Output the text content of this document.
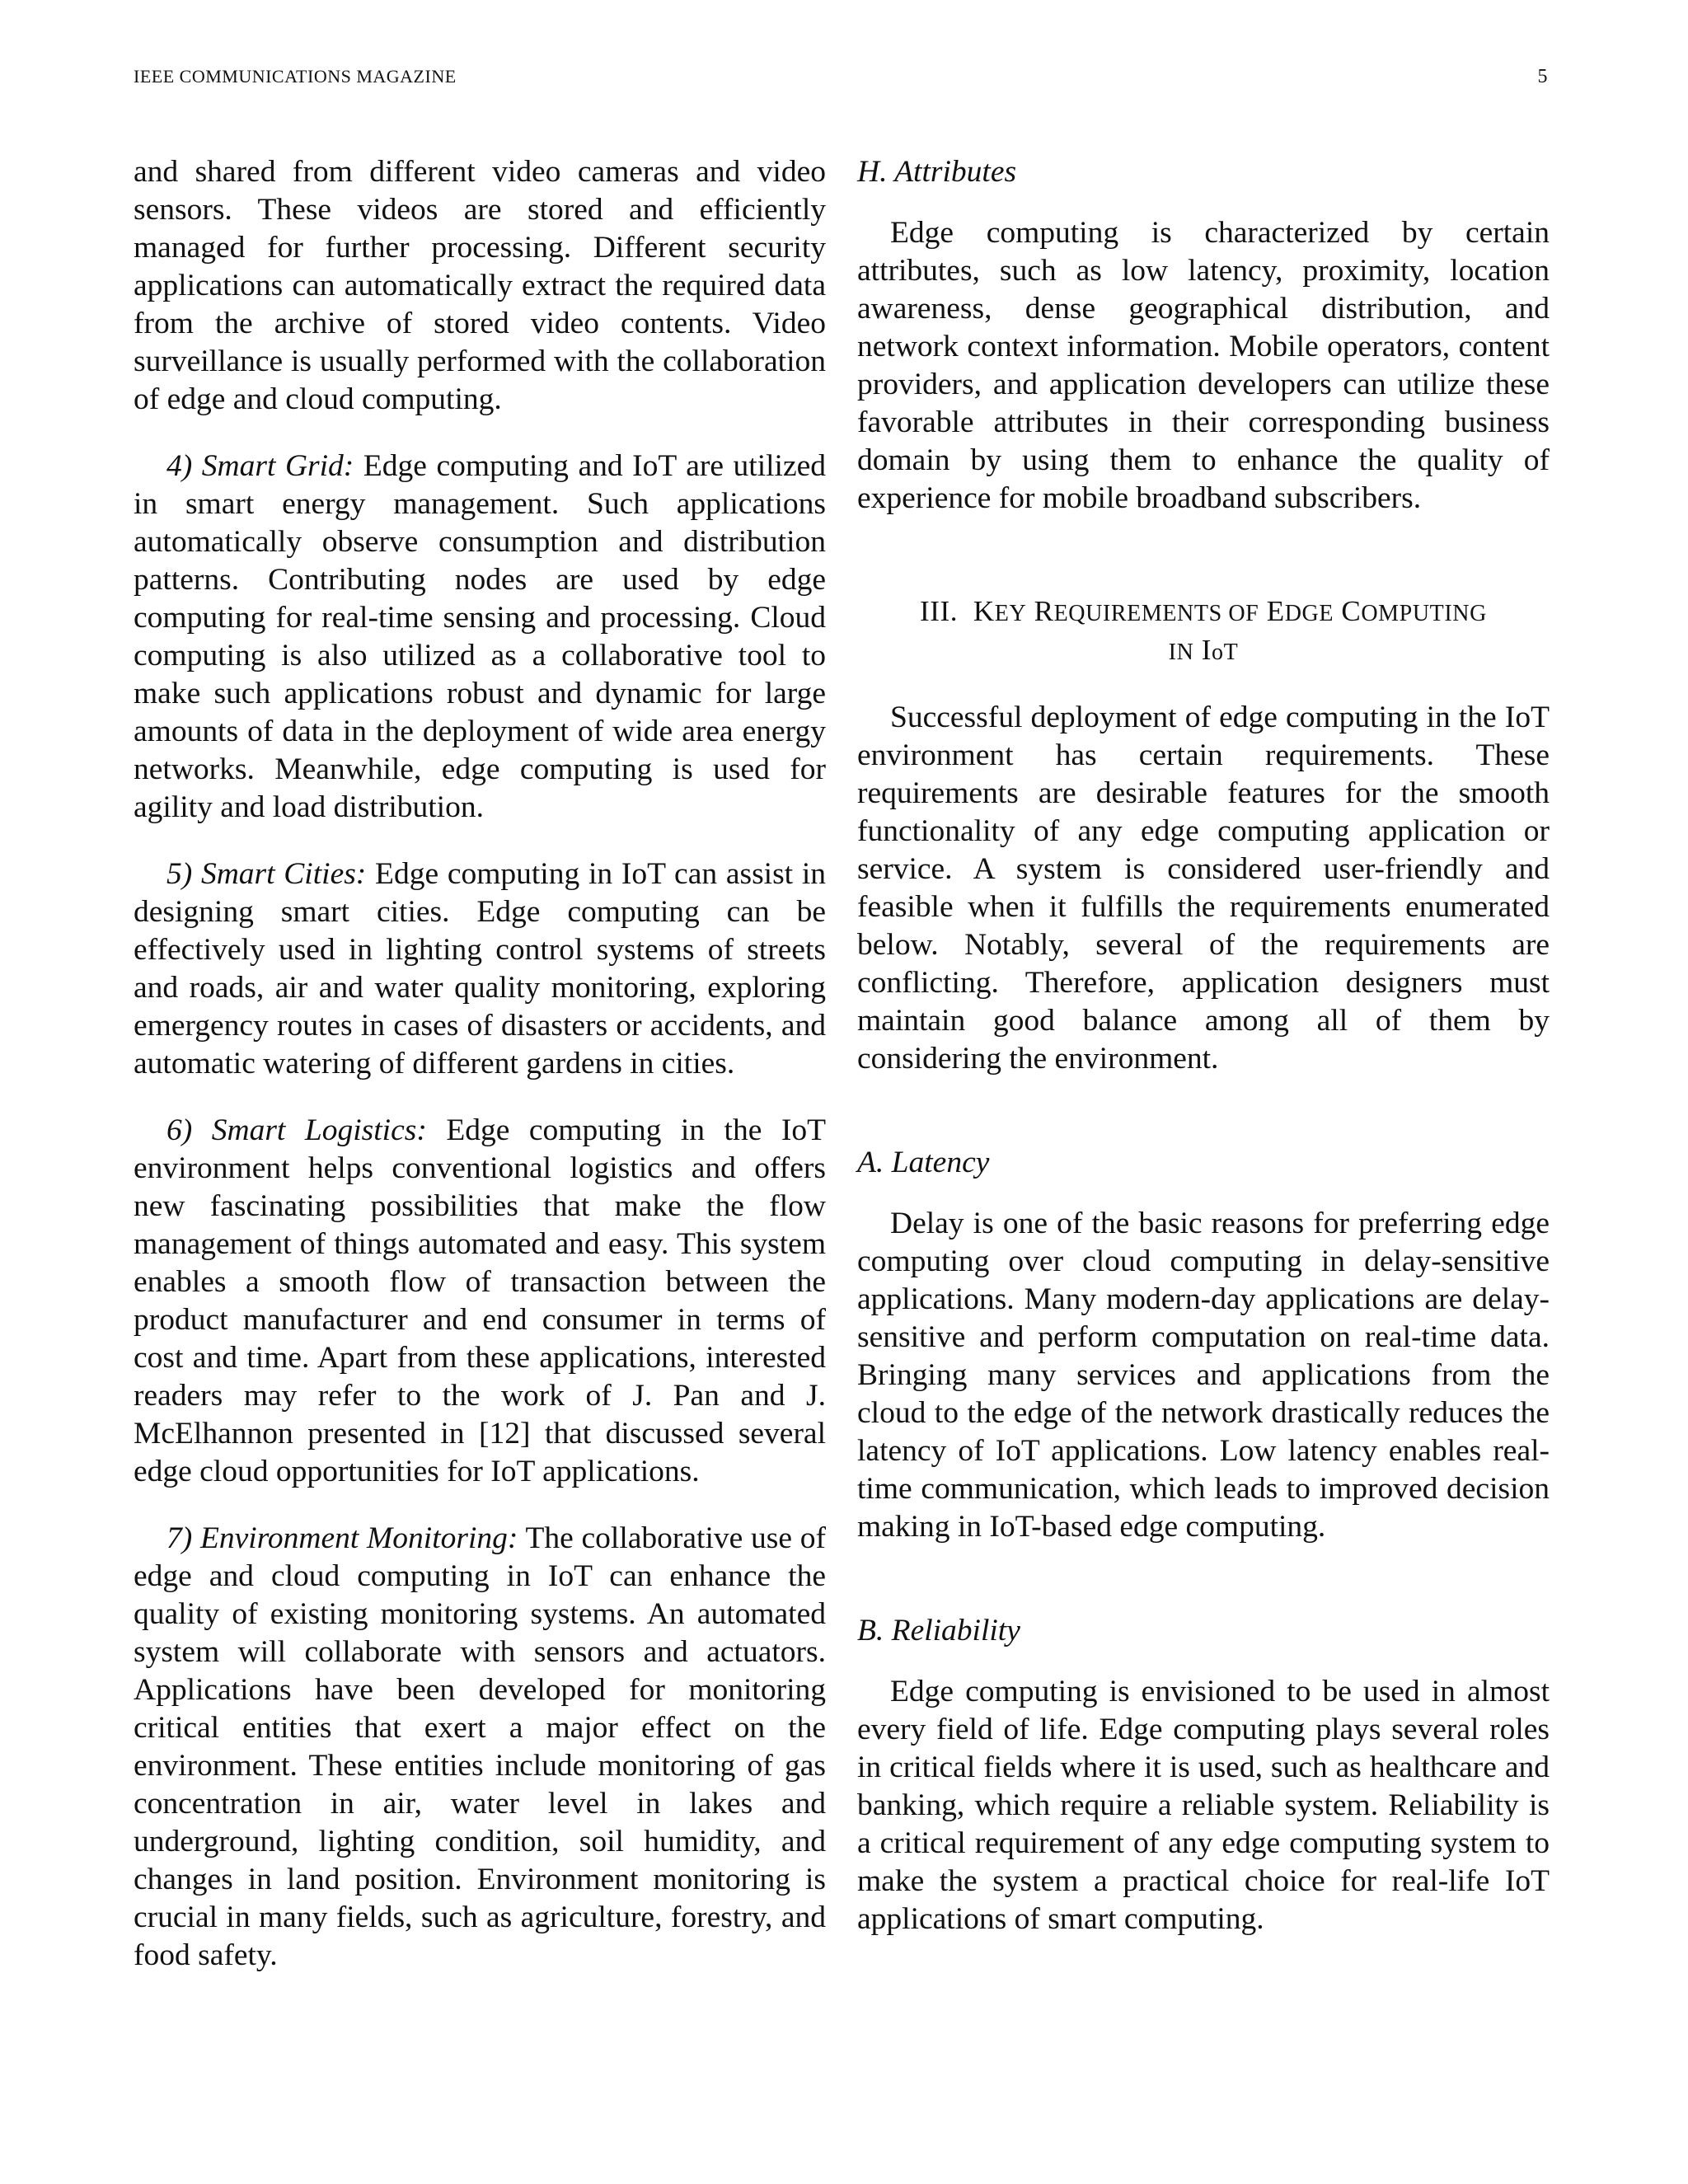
IEEE COMMUNICATIONS MAGAZINE	5

and shared from different video cameras and video sensors. These videos are stored and efficiently managed for further processing. Different security applications can automatically extract the required data from the archive of stored video contents. Video surveillance is usually performed with the collaboration of edge and cloud computing.

4) Smart Grid: Edge computing and IoT are utilized in smart energy management. Such applications automatically observe consumption and distribution patterns. Contributing nodes are used by edge computing for real-time sensing and processing. Cloud computing is also utilized as a collaborative tool to make such applications robust and dynamic for large amounts of data in the deployment of wide area energy networks. Meanwhile, edge computing is used for agility and load distribution.

5) Smart Cities: Edge computing in IoT can assist in designing smart cities. Edge computing can be effectively used in lighting control systems of streets and roads, air and water quality monitoring, exploring emergency routes in cases of disasters or accidents, and automatic watering of different gardens in cities.

6) Smart Logistics: Edge computing in the IoT environment helps conventional logistics and offers new fascinating possibilities that make the flow management of things automated and easy. This system enables a smooth flow of transaction between the product manufacturer and end consumer in terms of cost and time. Apart from these applications, interested readers may refer to the work of J. Pan and J. McElhannon presented in [12] that discussed several edge cloud opportunities for IoT applications.

7) Environment Monitoring: The collaborative use of edge and cloud computing in IoT can enhance the quality of existing monitoring systems. An automated system will collaborate with sensors and actuators. Applications have been developed for monitoring critical entities that exert a major effect on the environment. These entities include monitoring of gas concentration in air, water level in lakes and underground, lighting condition, soil humidity, and changes in land position. Environment monitoring is crucial in many fields, such as agriculture, forestry, and food safety.

H. Attributes

Edge computing is characterized by certain attributes, such as low latency, proximity, location awareness, dense geographical distribution, and network context information. Mobile operators, content providers, and application developers can utilize these favorable attributes in their corresponding business domain by using them to enhance the quality of experience for mobile broadband subscribers.

III. KEY REQUIREMENTS OF EDGE COMPUTING
IN IoT

Successful deployment of edge computing in the IoT environment has certain requirements. These requirements are desirable features for the smooth functionality of any edge computing application or service. A system is considered user-friendly and feasible when it fulfills the requirements enumerated below. Notably, several of the requirements are conflicting. Therefore, application designers must maintain good balance among all of them by considering the environment.

A. Latency

Delay is one of the basic reasons for preferring edge computing over cloud computing in delay-sensitive applications. Many modern-day applications are delay-sensitive and perform computation on real-time data. Bringing many services and applications from the cloud to the edge of the network drastically reduces the latency of IoT applications. Low latency enables real-time communication, which leads to improved decision making in IoT-based edge computing.

B. Reliability

Edge computing is envisioned to be used in almost every field of life. Edge computing plays several roles in critical fields where it is used, such as healthcare and banking, which require a reliable system. Reliability is a critical requirement of any edge computing system to make the system a practical choice for real-life IoT applications of smart computing.
